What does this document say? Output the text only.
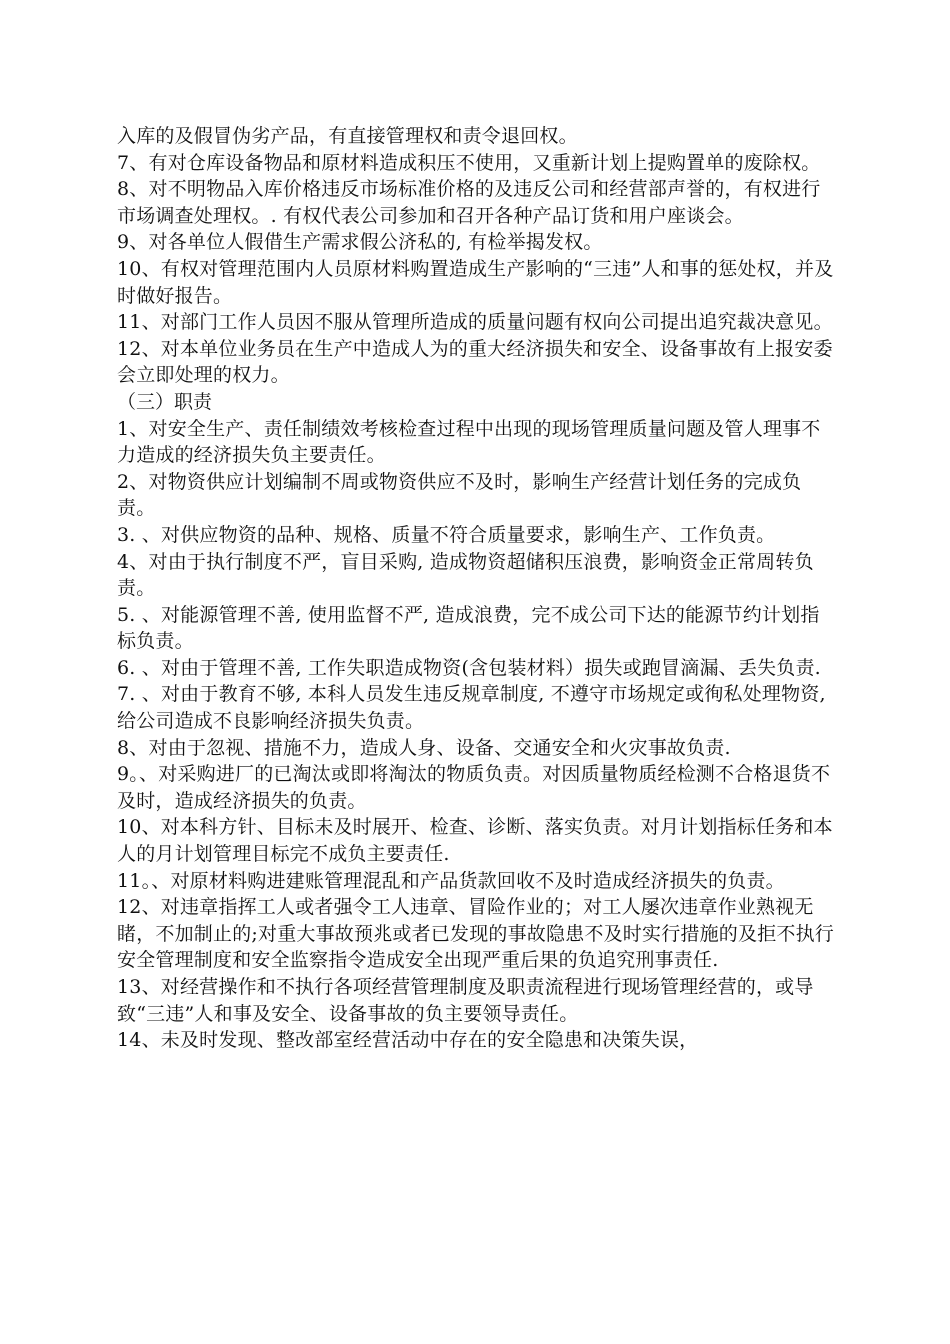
入库的及假冒伪劣产品，有直接管理权和责令退回权。

7、有对仓库设备物品和原材料造成积压不使用，又重新计划上提购置单的废除权。

8、对不明物品入库价格违反市场标准价格的及违反公司和经营部声誉的，有权进行市场调查处理权。. 有权代表公司参加和召开各种产品订货和用户座谈会。

9、对各单位人假借生产需求假公济私的, 有检举揭发权。

10、有权对管理范围内人员原材料购置造成生产影响的“三违”人和事的惩处权，并及时做好报告。

11、对部门工作人员因不服从管理所造成的质量问题有权向公司提出追究裁决意见。

12、对本单位业务员在生产中造成人为的重大经济损失和安全、设备事故有上报安委会立即处理的权力。

（三）职责

1、对安全生产、责任制绩效考核检查过程中出现的现场管理质量问题及管人理事不力造成的经济损失负主要责任。

2、对物资供应计划编制不周或物资供应不及时，影响生产经营计划任务的完成负责。

3. 、对供应物资的品种、规格、质量不符合质量要求，影响生产、工作负责。

4、对由于执行制度不严，盲目采购, 造成物资超储积压浪费，影响资金正常周转负责。

5. 、对能源管理不善, 使用监督不严, 造成浪费，完不成公司下达的能源节约计划指标负责。

6. 、对由于管理不善, 工作失职造成物资(含包装材料）损失或跑冒滴漏、丢失负责.

7. 、对由于教育不够, 本科人员发生违反规章制度, 不遵守市场规定或徇私处理物资, 给公司造成不良影响经济损失负责。

8、对由于忽视、措施不力，造成人身、设备、交通安全和火灾事故负责.

9。、对采购进厂的已淘汰或即将淘汰的物质负责。对因质量物质经检测不合格退货不及时，造成经济损失的负责。

10、对本科方针、目标未及时展开、检查、诊断、落实负责。对月计划指标任务和本人的月计划管理目标完不成负主要责任.

11。、对原材料购进建账管理混乱和产品货款回收不及时造成经济损失的负责。

12、对违章指挥工人或者强令工人违章、冒险作业的；对工人屡次违章作业熟视无睹，不加制止的;对重大事故预兆或者已发现的事故隐患不及时实行措施的及拒不执行安全管理制度和安全监察指令造成安全出现严重后果的负追究刑事责任.

13、对经营操作和不执行各项经营管理制度及职责流程进行现场管理经营的，或导致“三违”人和事及安全、设备事故的负主要领导责任。

14、未及时发现、整改部室经营活动中存在的安全隐患和决策失误，
